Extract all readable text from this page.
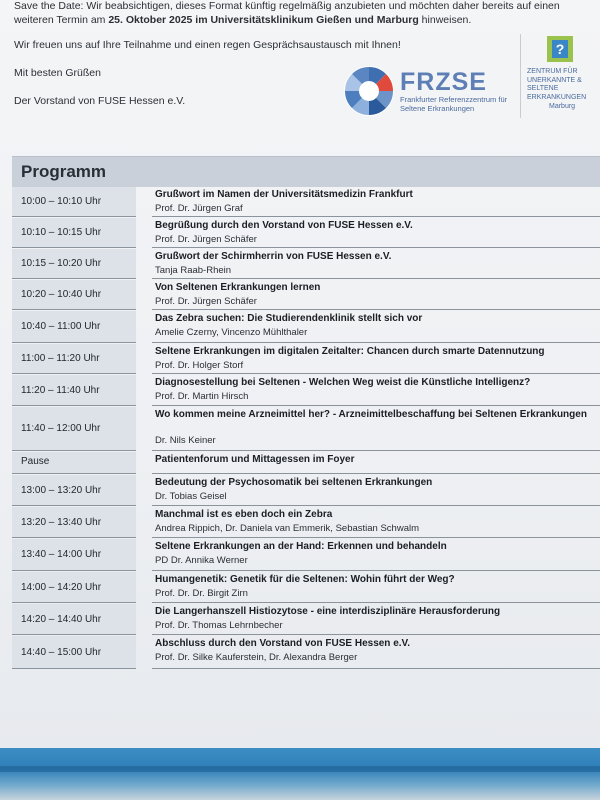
Save the Date: Wir beabsichtigen, dieses Format künftig regelmäßig anzubieten und möchten daher bereits auf einen weiteren Termin am 25. Oktober 2025 im Universitätsklinikum Gießen und Marburg hinweisen.

Wir freuen uns auf Ihre Teilnahme und einen regen Gesprächsaustausch mit Ihnen!

Mit besten Grüßen

Der Vorstand von FUSE Hessen e.V.

FRZSE
Frankfurter Referenzzentrum für Seltene Erkrankungen
?
ZENTRUM FÜR UNERKANNTE & SELTENE ERKRANKUNGEN
Marburg
Programm
10:00 – 10:10 Uhr
Grußwort im Namen der Universitätsmedizin Frankfurt
Prof. Dr. Jürgen Graf
10:10 – 10:15 Uhr
Begrüßung durch den Vorstand von FUSE Hessen e.V.
Prof. Dr. Jürgen Schäfer
10:15 – 10:20 Uhr
Grußwort der Schirmherrin von FUSE Hessen e.V.
Tanja Raab-Rhein
10:20 – 10:40 Uhr
Von Seltenen Erkrankungen lernen
Prof. Dr. Jürgen Schäfer
10:40 – 11:00 Uhr
Das Zebra suchen: Die Studierendenklinik stellt sich vor
Amelie Czerny, Vincenzo Mühlthaler
11:00 – 11:20 Uhr
Seltene Erkrankungen im digitalen Zeitalter: Chancen durch smarte Datennutzung
Prof. Dr. Holger Storf
11:20 – 11:40 Uhr
Diagnosestellung bei Seltenen - Welchen Weg weist die Künstliche Intelligenz?
Prof. Dr. Martin Hirsch
11:40 – 12:00 Uhr
Wo kommen meine Arzneimittel her? - Arzneimittelbeschaffung bei Seltenen Erkrankungen
Dr. Nils Keiner
Pause	Patientenforum und Mittagessen im Foyer
13:00 – 13:20 Uhr
Bedeutung der Psychosomatik bei seltenen Erkrankungen
Dr. Tobias Geisel
13:20 – 13:40 Uhr
Manchmal ist es eben doch ein Zebra
Andrea Rippich, Dr. Daniela van Emmerik, Sebastian Schwalm
13:40 – 14:00 Uhr
Seltene Erkrankungen an der Hand: Erkennen und behandeln
PD Dr. Annika Werner
14:00 – 14:20 Uhr
Humangenetik: Genetik für die Seltenen: Wohin führt der Weg?
Prof. Dr. Dr. Birgit Zirn
14:20 – 14:40 Uhr
Die Langerhanszell Histiozytose - eine interdisziplinäre Herausforderung
Prof. Dr. Thomas Lehrnbecher
14:40 – 15:00 Uhr
Abschluss durch den Vorstand von FUSE Hessen e.V.
Prof. Dr. Silke Kauferstein, Dr. Alexandra Berger
